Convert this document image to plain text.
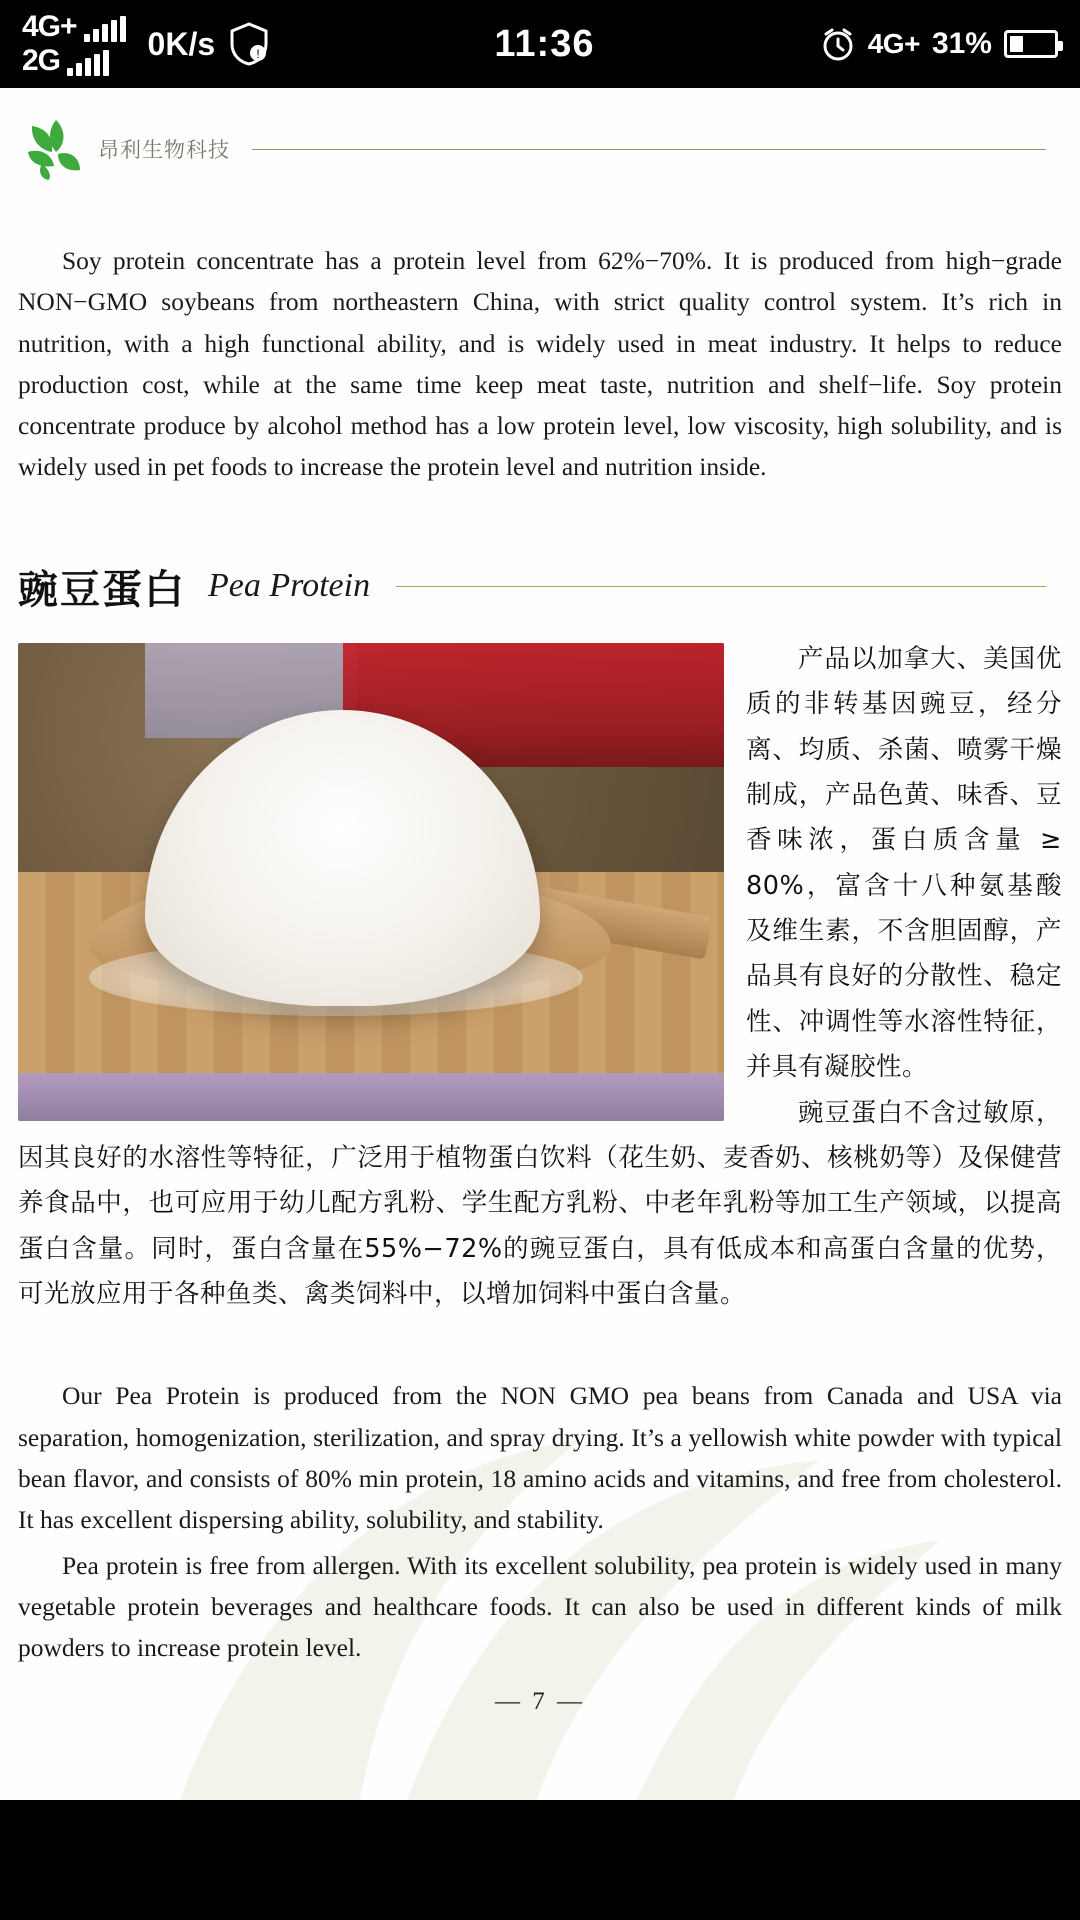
4G+
2G	0K/s	!	11:36	4G+ 31%
昂利生物科技

Soy protein concentrate has a protein level from 62%−70%. It is produced from high−grade NON−GMO soybeans from northeastern China, with strict quality control system. It’s rich in nutrition, with a high functional ability, and is widely used in meat industry. It helps to reduce production cost, while at the same time keep meat taste, nutrition and shelf−life. Soy protein concentrate produce by alcohol method has a low protein level, low viscosity, high solubility, and is widely used in pet foods to increase the protein level and nutrition inside.

豌豆蛋白 Pea Protein

产品以加拿大、美国优质的非转基因豌豆，经分离、均质、杀菌、喷雾干燥制成，产品色黄、味香、豆香味浓，蛋白质含量 ≥ 80%，富含十八种氨基酸及维生素，不含胆固醇，产品具有良好的分散性、稳定性、冲调性等水溶性特征，并具有凝胶性。

豌豆蛋白不含过敏原，因其良好的水溶性等特征，广泛用于植物蛋白饮料（花生奶、麦香奶、核桃奶等）及保健营养食品中，也可应用于幼儿配方乳粉、学生配方乳粉、中老年乳粉等加工生产领域，以提高蛋白含量。同时，蛋白含量在55%−72%的豌豆蛋白，具有低成本和高蛋白含量的优势，可光放应用于各种鱼类、禽类饲料中，以增加饲料中蛋白含量。

Our Pea Protein is produced from the NON GMO pea beans from Canada and USA via separation, homogenization, sterilization, and spray drying. It’s a yellowish white powder with typical bean flavor, and consists of 80% min protein, 18 amino acids and vitamins, and free from cholesterol. It has excellent dispersing ability, solubility, and stability.

Pea protein is free from allergen. With its excellent solubility, pea protein is widely used in many vegetable protein beverages and healthcare foods. It can also be used in different kinds of milk powders to increase protein level.

— 7 —
